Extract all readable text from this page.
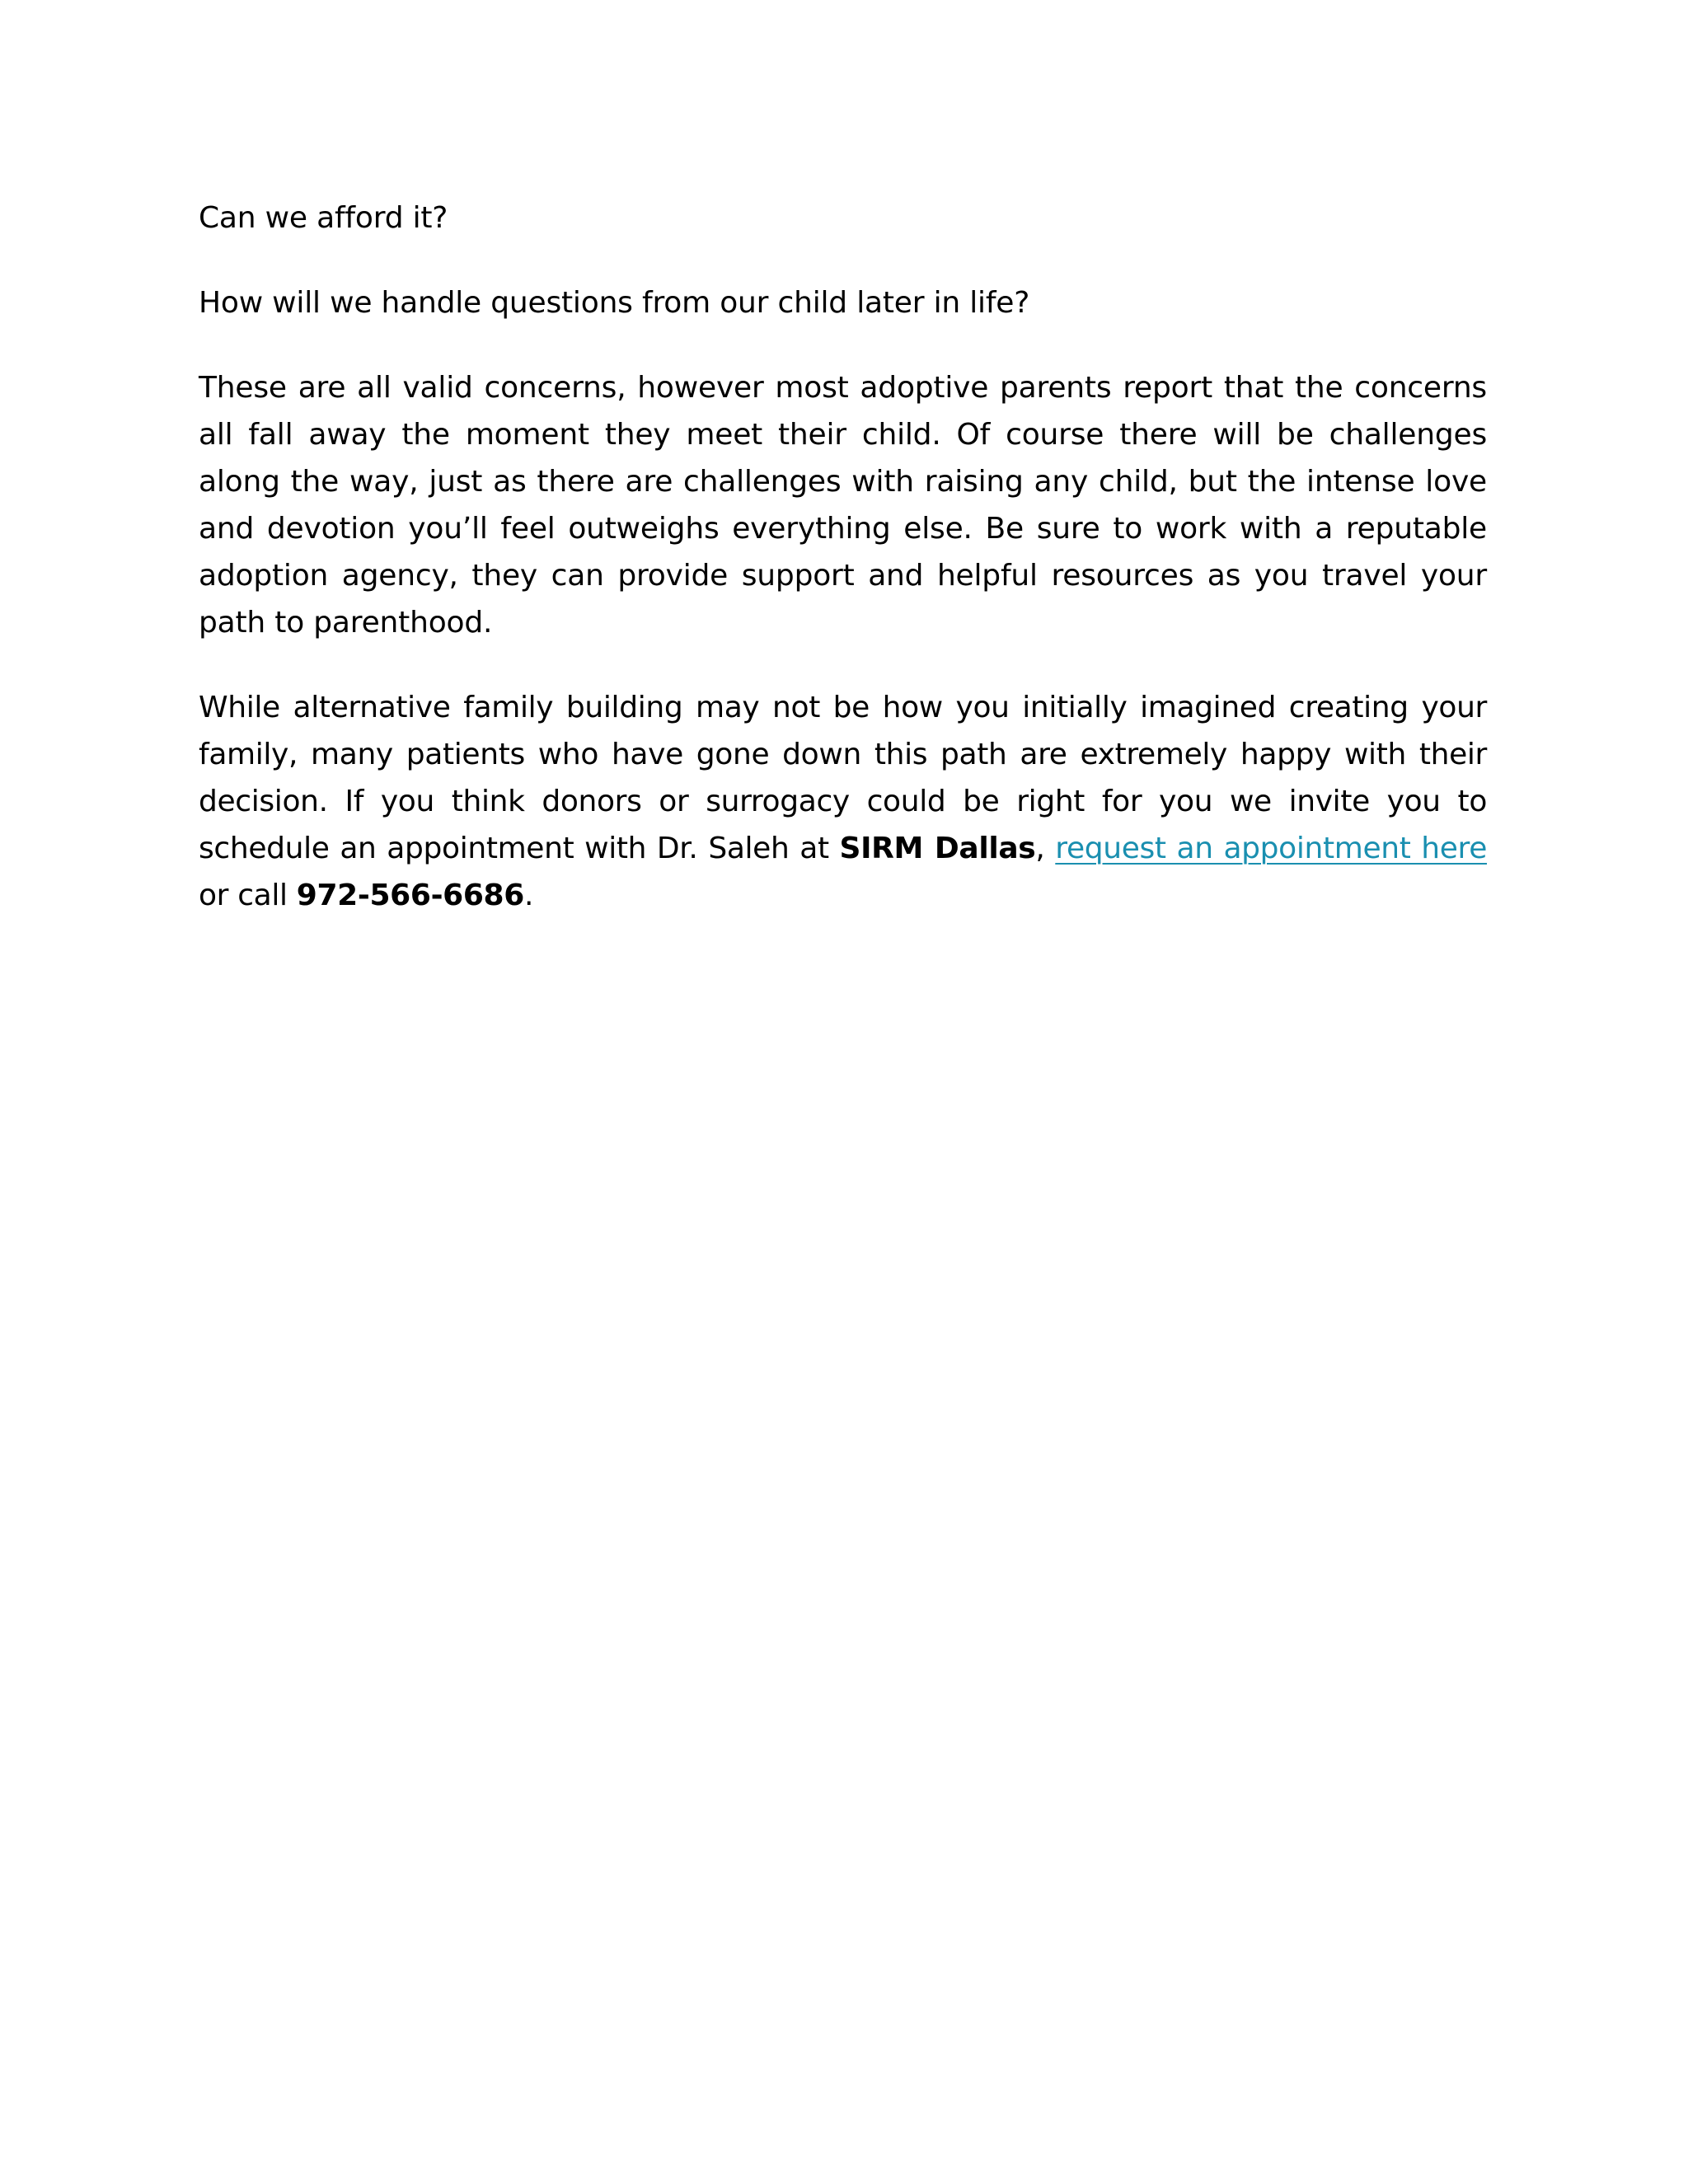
Can we afford it?

How will we handle questions from our child later in life?

These are all valid concerns, however most adoptive parents report that the concerns all fall away the moment they meet their child. Of course there will be challenges along the way, just as there are challenges with raising any child, but the intense love and devotion you’ll feel outweighs everything else. Be sure to work with a reputable adoption agency, they can provide support and helpful resources as you travel your path to parenthood.

While alternative family building may not be how you initially imagined creating your family, many patients who have gone down this path are extremely happy with their decision. If you think donors or surrogacy could be right for you we invite you to schedule an appointment with Dr. Saleh at SIRM Dallas, request an appointment here or call 972-566-6686.
